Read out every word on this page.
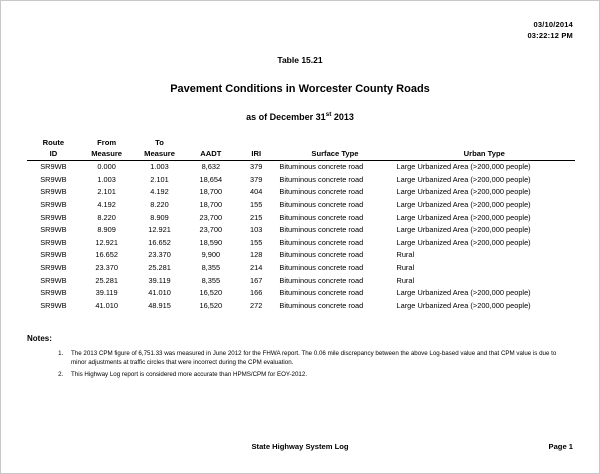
03/10/2014
03:22:12 PM
Table 15.21
Pavement Conditions in Worcester County Roads
as of December 31st 2013
Route	From	To				
ID	Measure	Measure	AADT	IRI	Surface Type	Urban Type
SR9WB	0.000	1.003	8,632	379	Bituminous concrete road	Large Urbanized Area (>200,000 people)
SR9WB	1.003	2.101	18,654	379	Bituminous concrete road	Large Urbanized Area (>200,000 people)
SR9WB	2.101	4.192	18,700	404	Bituminous concrete road	Large Urbanized Area (>200,000 people)
SR9WB	4.192	8.220	18,700	155	Bituminous concrete road	Large Urbanized Area (>200,000 people)
SR9WB	8.220	8.909	23,700	215	Bituminous concrete road	Large Urbanized Area (>200,000 people)
SR9WB	8.909	12.921	23,700	103	Bituminous concrete road	Large Urbanized Area (>200,000 people)
SR9WB	12.921	16.652	18,590	155	Bituminous concrete road	Large Urbanized Area (>200,000 people)
SR9WB	16.652	23.370	9,900	128	Bituminous concrete road	Rural
SR9WB	23.370	25.281	8,355	214	Bituminous concrete road	Rural
SR9WB	25.281	39.119	8,355	167	Bituminous concrete road	Rural
SR9WB	39.119	41.010	16,520	166	Bituminous concrete road	Large Urbanized Area (>200,000 people)
SR9WB	41.010	48.915	16,520	272	Bituminous concrete road	Large Urbanized Area (>200,000 people)
Notes:
1. The 2013 CPM figure of 6,751.33 was measured in June 2012 for the FHWA report. The 0.06 mile discrepancy between the above Log-based value and that CPM value is due to minor adjustments at traffic circles that were incorrect during the CPM evaluation.
2. This Highway Log report is considered more accurate than HPMS/CPM for EOY-2012.
State Highway System Log	Page 1
